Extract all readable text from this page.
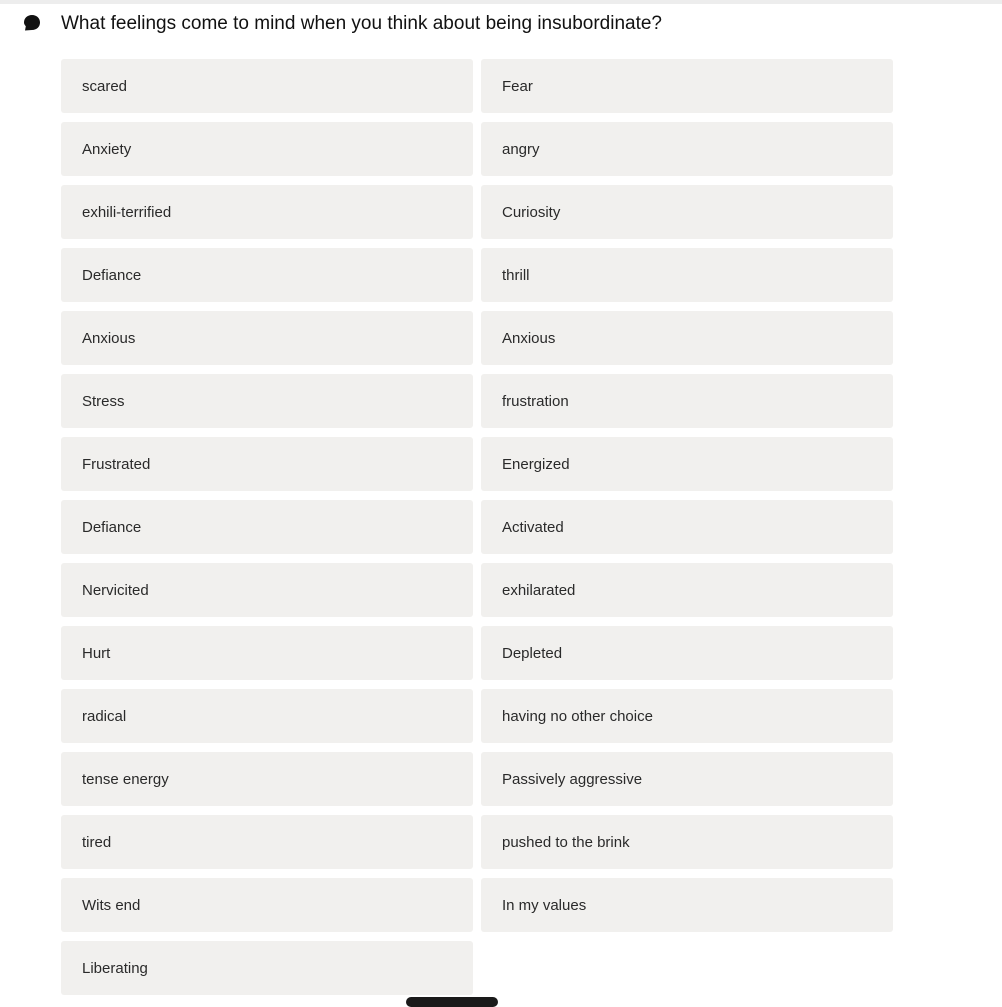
What feelings come to mind when you think about being insubordinate?
scared	Fear
Anxiety	angry
exhili-terrified	Curiosity
Defiance	thrill
Anxious	Anxious
Stress	frustration
Frustrated	Energized
Defiance	Activated
Nervicited	exhilarated
Hurt	Depleted
radical	having no other choice
tense energy	Passively aggressive
tired	pushed to the brink
Wits end	In my values
Liberating
